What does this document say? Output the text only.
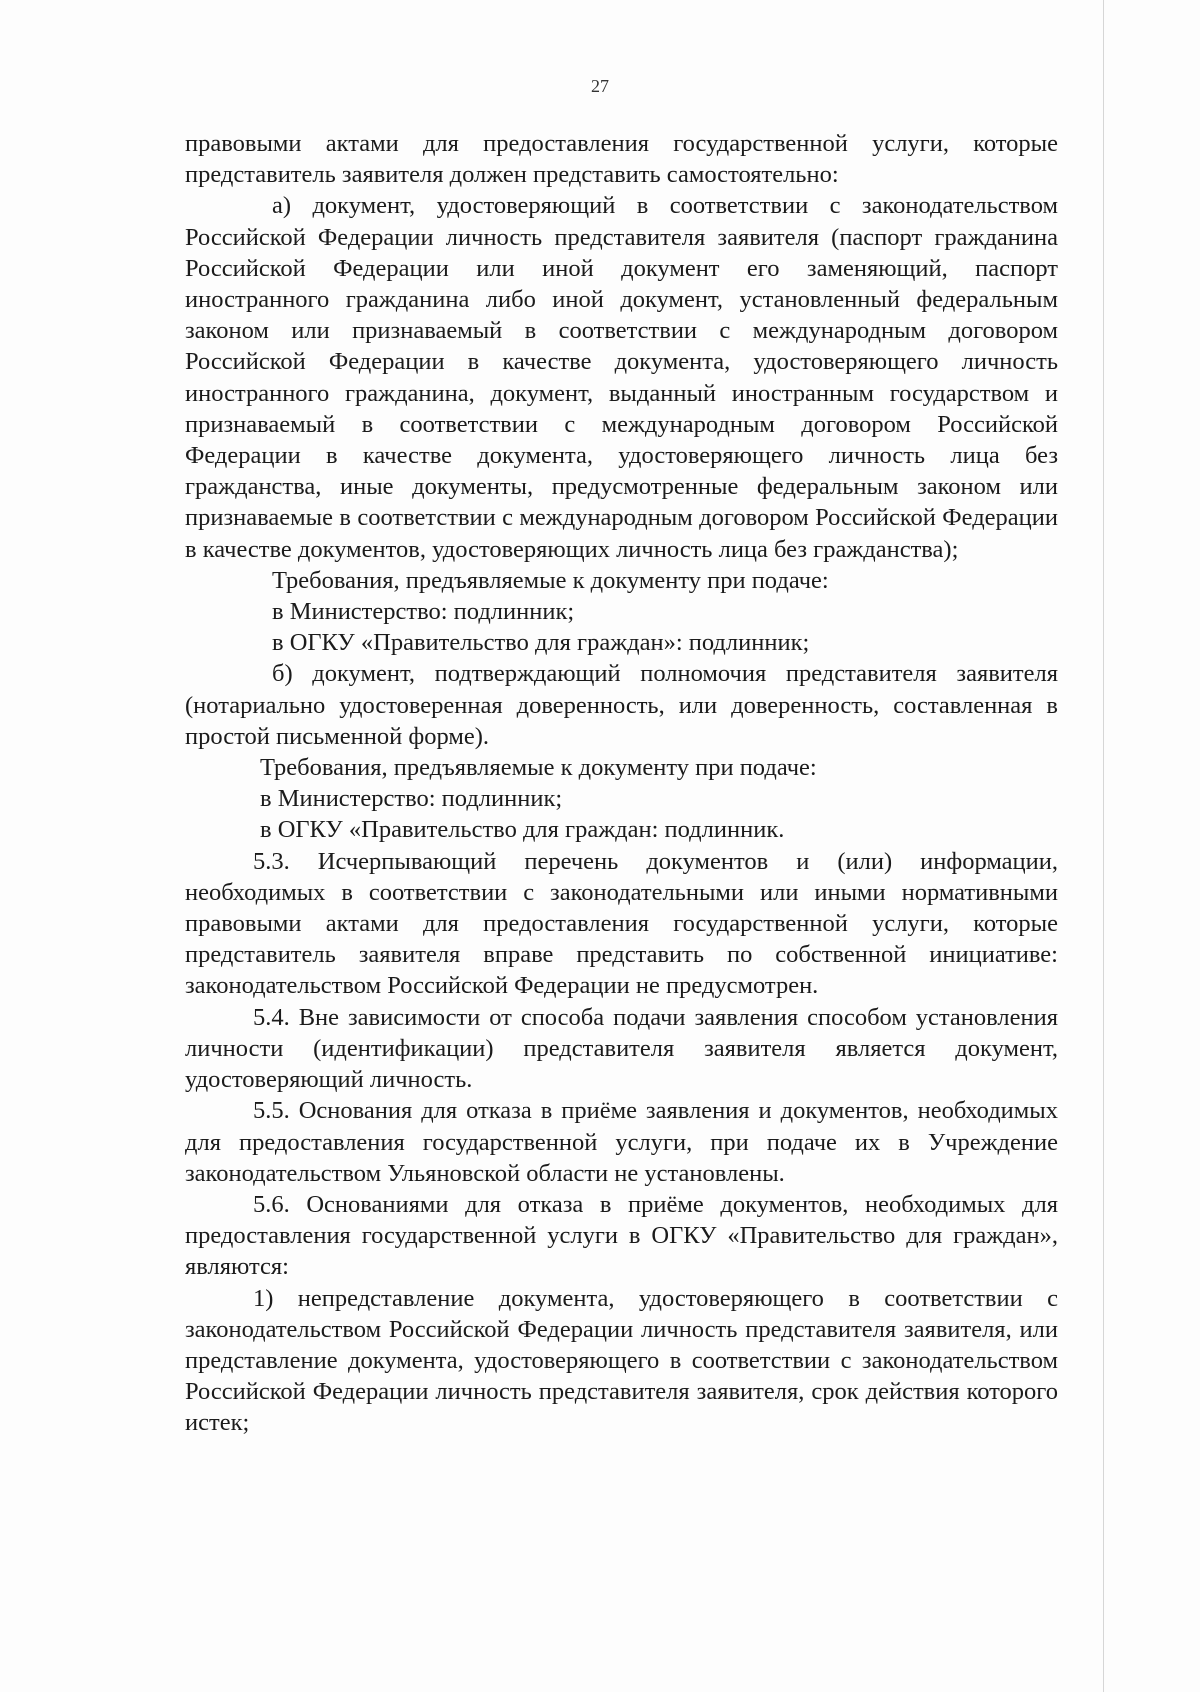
27

правовыми актами для предоставления государственной услуги, которые представитель заявителя должен представить самостоятельно:

а) документ, удостоверяющий в соответствии с законодательством Российской Федерации личность представителя заявителя (паспорт гражданина Российской Федерации или иной документ его заменяющий, паспорт иностранного гражданина либо иной документ, установленный федеральным законом или признаваемый в соответствии с международным договором Российской Федерации в качестве документа, удостоверяющего личность иностранного гражданина, документ, выданный иностранным государством и признаваемый в соответствии с международным договором Российской Федерации в качестве документа, удостоверяющего личность лица без гражданства, иные документы, предусмотренные федеральным законом или признаваемые в соответствии с международным договором Российской Федерации в качестве документов, удостоверяющих личность лица без гражданства);

Требования, предъявляемые к документу при подаче:

в Министерство: подлинник;

в ОГКУ «Правительство для граждан»: подлинник;

б) документ, подтверждающий полномочия представителя заявителя (нотариально удостоверенная доверенность, или доверенность, составленная в простой письменной форме).

Требования, предъявляемые к документу при подаче:

в Министерство: подлинник;

в ОГКУ «Правительство для граждан: подлинник.

5.3. Исчерпывающий перечень документов и (или) информации, необходимых в соответствии с законодательными или иными нормативными правовыми актами для предоставления государственной услуги, которые представитель заявителя вправе представить по собственной инициативе: законодательством Российской Федерации не предусмотрен.

5.4. Вне зависимости от способа подачи заявления способом установления личности (идентификации) представителя заявителя является документ, удостоверяющий личность.

5.5. Основания для отказа в приёме заявления и документов, необходимых для предоставления государственной услуги, при подаче их в Учреждение законодательством Ульяновской области не установлены.

5.6. Основаниями для отказа в приёме документов, необходимых для предоставления государственной услуги в ОГКУ «Правительство для граждан», являются:

1) непредставление документа, удостоверяющего в соответствии с законодательством Российской Федерации личность представителя заявителя, или представление документа, удостоверяющего в соответствии с законодательством Российской Федерации личность представителя заявителя, срок действия которого истек;
